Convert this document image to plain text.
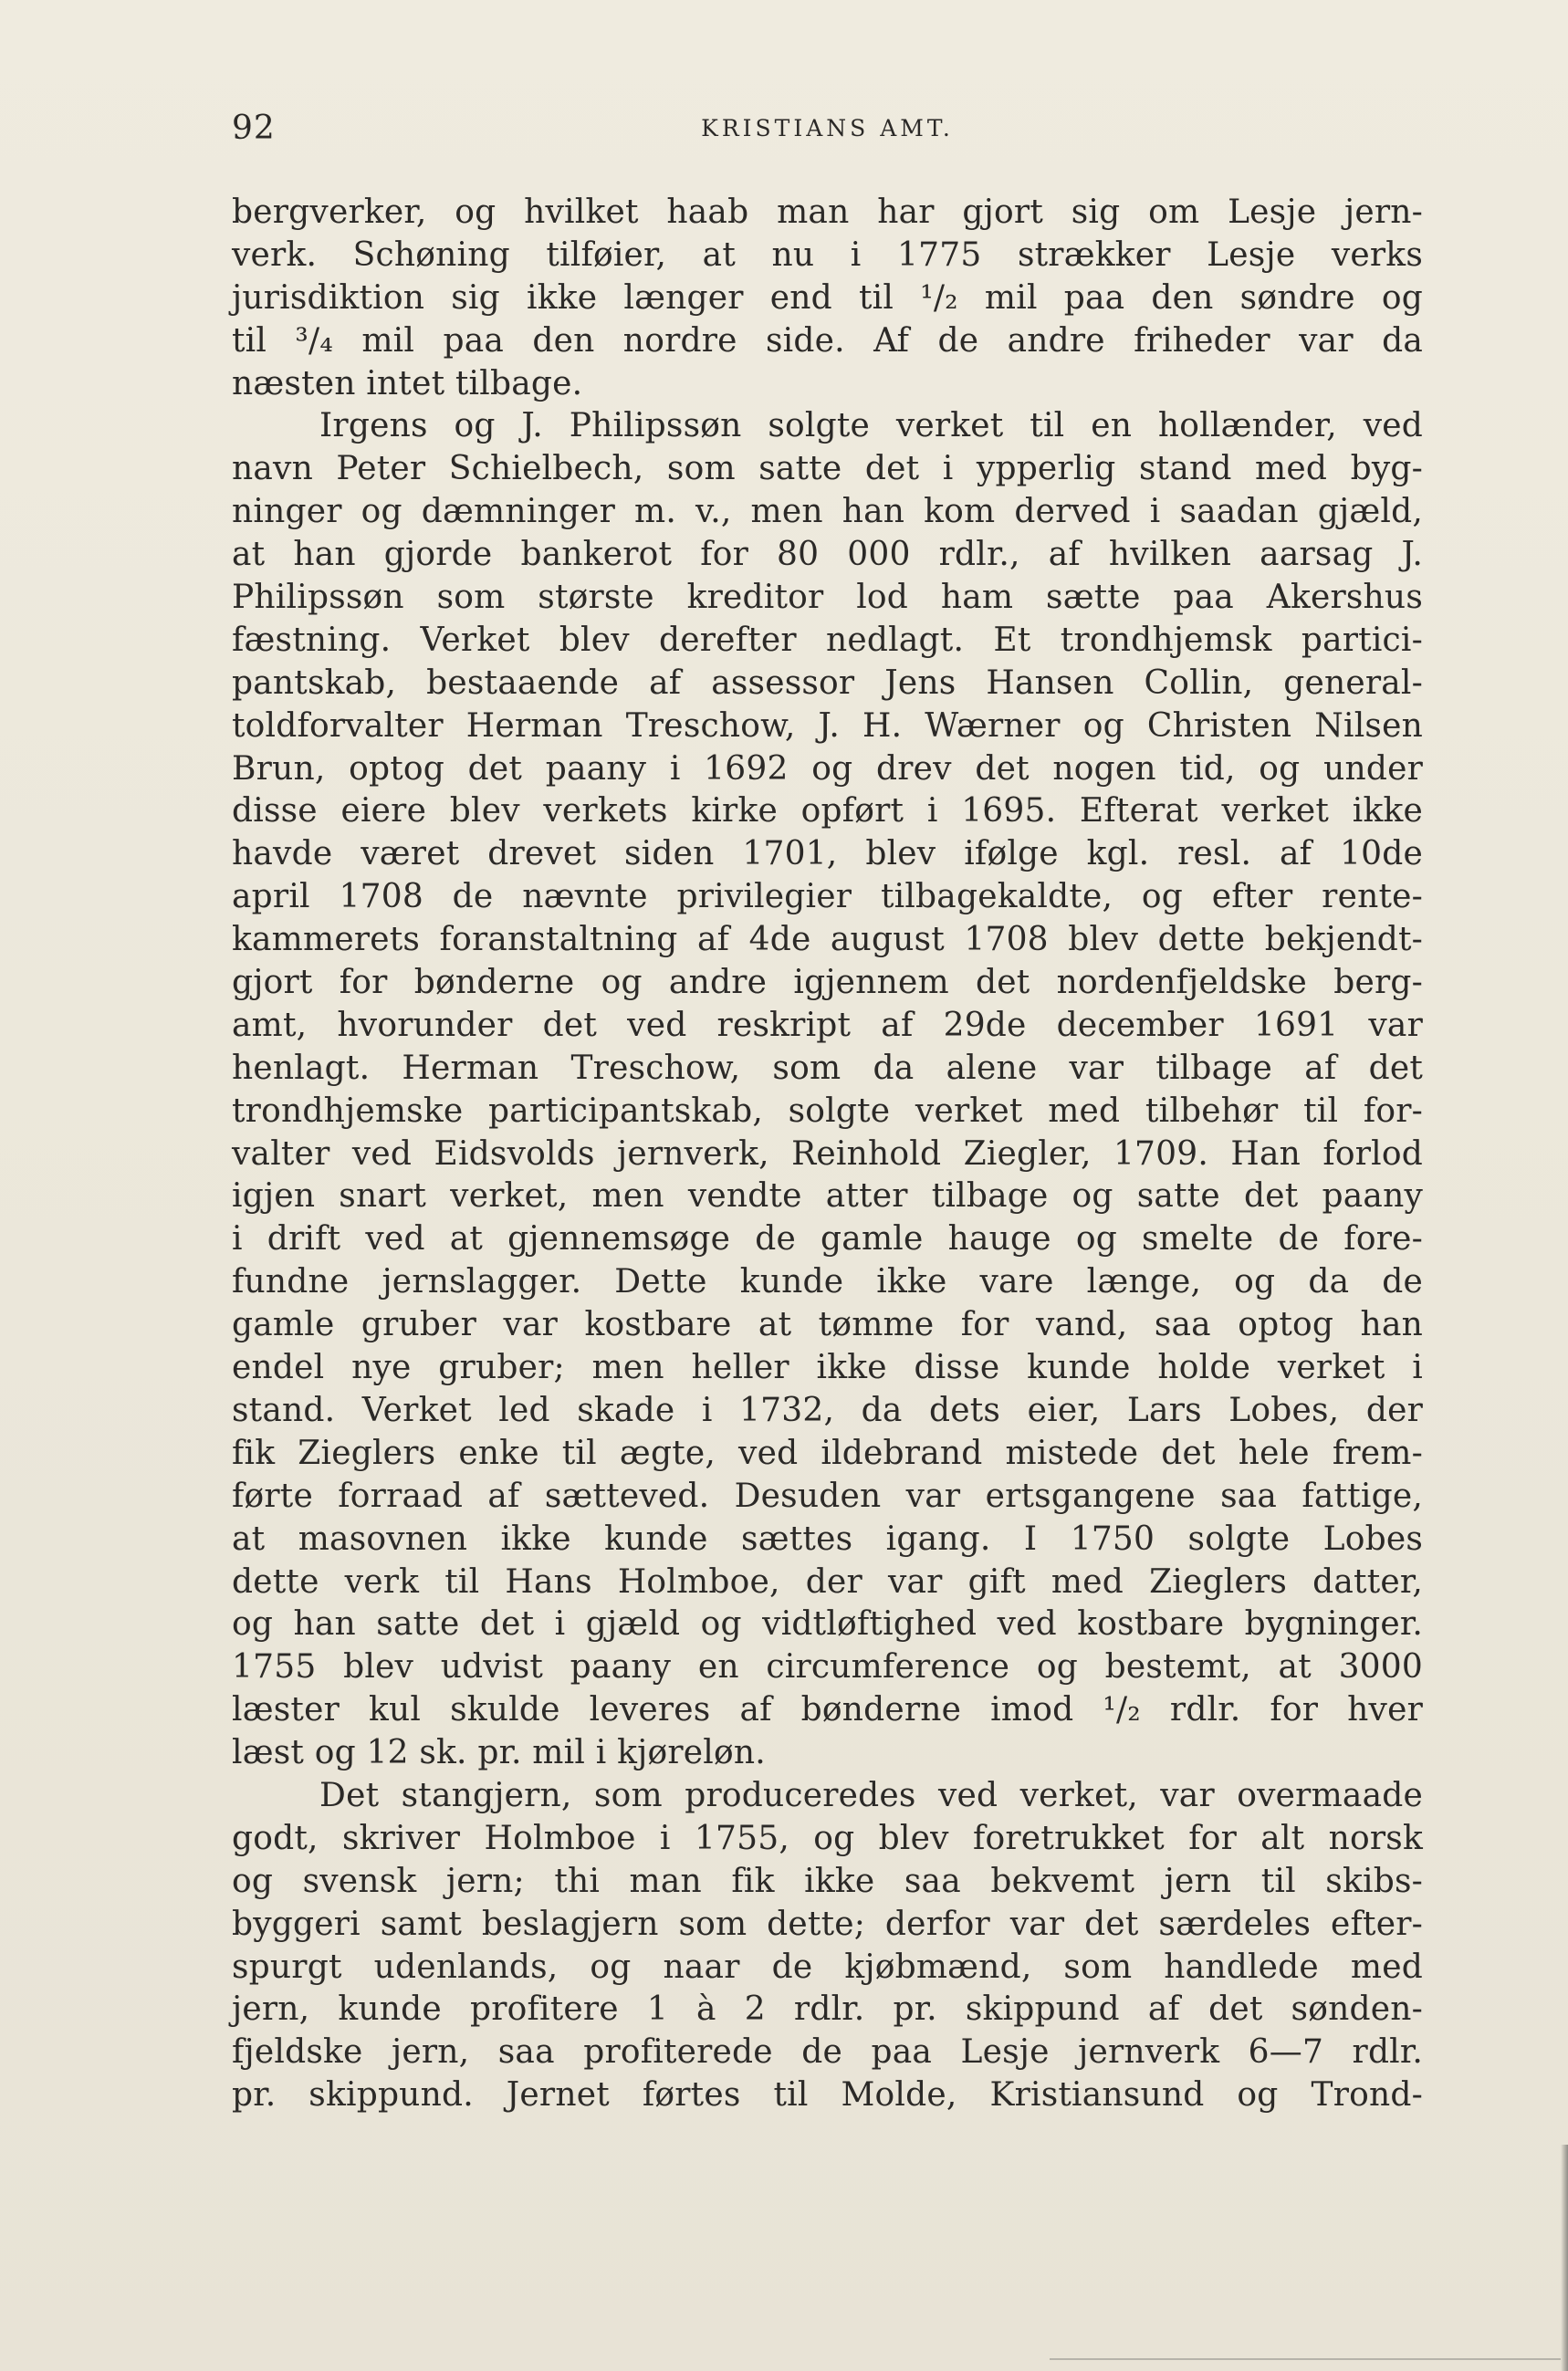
92	KRISTIANS AMT.
bergverker, og hvilket haab man har gjort sig om Lesje jern-
verk. Schøning tilføier, at nu i 1775 strækker Lesje verks
jurisdiktion sig ikke længer end til ¹/₂ mil paa den søndre og
til ³/₄ mil paa den nordre side. Af de andre friheder var da
næsten intet tilbage.
Irgens og J. Philipssøn solgte verket til en hollænder, ved
navn Peter Schielbech, som satte det i ypperlig stand med byg-
ninger og dæmninger m. v., men han kom derved i saadan gjæld,
at han gjorde bankerot for 80 000 rdlr., af hvilken aarsag J.
Philipssøn som største kreditor lod ham sætte paa Akershus
fæstning. Verket blev derefter nedlagt. Et trondhjemsk partici-
pantskab, bestaaende af assessor Jens Hansen Collin, general-
toldforvalter Herman Treschow, J. H. Wærner og Christen Nilsen
Brun, optog det paany i 1692 og drev det nogen tid, og under
disse eiere blev verkets kirke opført i 1695. Efterat verket ikke
havde været drevet siden 1701, blev ifølge kgl. resl. af 10de
april 1708 de nævnte privilegier tilbagekaldte, og efter rente-
kammerets foranstaltning af 4de august 1708 blev dette bekjendt-
gjort for bønderne og andre igjennem det nordenfjeldske berg-
amt, hvorunder det ved reskript af 29de december 1691 var
henlagt. Herman Treschow, som da alene var tilbage af det
trondhjemske participantskab, solgte verket med tilbehør til for-
valter ved Eidsvolds jernverk, Reinhold Ziegler, 1709. Han forlod
igjen snart verket, men vendte atter tilbage og satte det paany
i drift ved at gjennemsøge de gamle hauge og smelte de fore-
fundne jernslagger. Dette kunde ikke vare længe, og da de
gamle gruber var kostbare at tømme for vand, saa optog han
endel nye gruber; men heller ikke disse kunde holde verket i
stand. Verket led skade i 1732, da dets eier, Lars Lobes, der
fik Zieglers enke til ægte, ved ildebrand mistede det hele frem-
førte forraad af sætteved. Desuden var ertsgangene saa fattige,
at masovnen ikke kunde sættes igang. I 1750 solgte Lobes
dette verk til Hans Holmboe, der var gift med Zieglers datter,
og han satte det i gjæld og vidtløftighed ved kostbare bygninger.
1755 blev udvist paany en circumference og bestemt, at 3000
læster kul skulde leveres af bønderne imod ¹/₂ rdlr. for hver
læst og 12 sk. pr. mil i kjøreløn.
Det stangjern, som produceredes ved verket, var overmaade
godt, skriver Holmboe i 1755, og blev foretrukket for alt norsk
og svensk jern; thi man fik ikke saa bekvemt jern til skibs-
byggeri samt beslagjern som dette; derfor var det særdeles efter-
spurgt udenlands, og naar de kjøbmænd, som handlede med
jern, kunde profitere 1 à 2 rdlr. pr. skippund af det sønden-
fjeldske jern, saa profiterede de paa Lesje jernverk 6—7 rdlr.
pr. skippund. Jernet førtes til Molde, Kristiansund og Trond-
